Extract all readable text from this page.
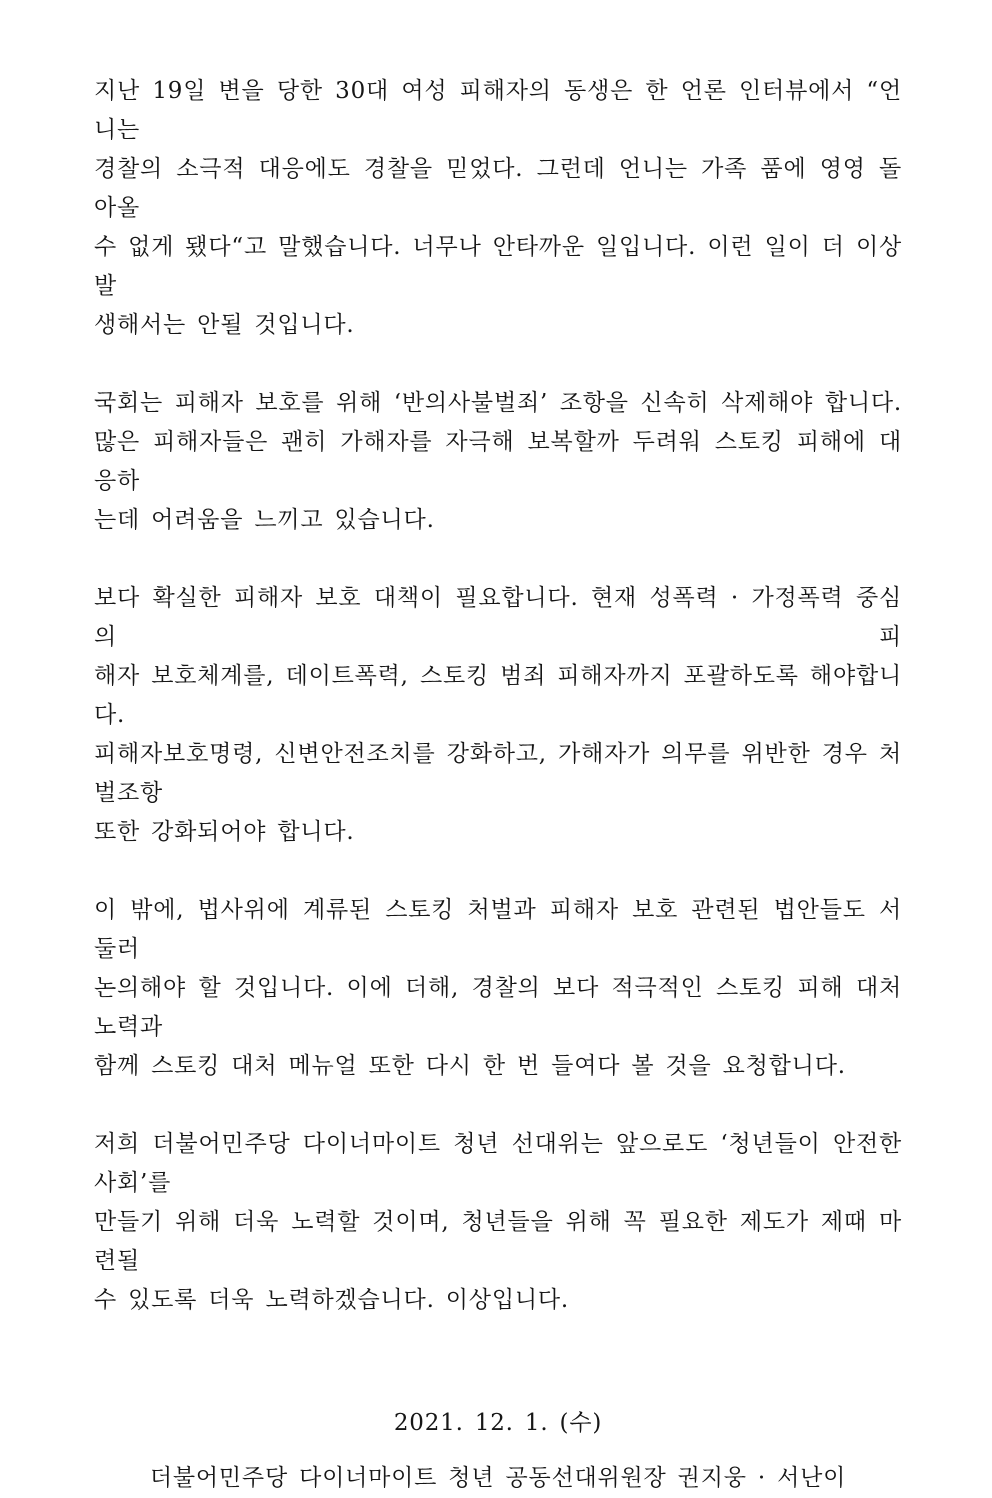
지난 19일 변을 당한 30대 여성 피해자의 동생은 한 언론 인터뷰에서 “언니는
경찰의 소극적 대응에도 경찰을 믿었다. 그런데 언니는 가족 품에 영영 돌아올
수 없게 됐다“고 말했습니다. 너무나 안타까운 일입니다. 이런 일이 더 이상 발
생해서는 안될 것입니다.
국회는 피해자 보호를 위해 ‘반의사불벌죄’ 조항을 신속히 삭제해야 합니다.
많은 피해자들은 괜히 가해자를 자극해 보복할까 두려워 스토킹 피해에 대응하
는데 어려움을 느끼고 있습니다.
보다 확실한 피해자 보호 대책이 필요합니다. 현재 성폭력 · 가정폭력 중심의 피
해자 보호체계를, 데이트폭력, 스토킹 범죄 피해자까지 포괄하도록 해야합니다.
피해자보호명령, 신변안전조치를 강화하고, 가해자가 의무를 위반한 경우 처벌조항
또한 강화되어야 합니다.
이 밖에, 법사위에 계류된 스토킹 처벌과 피해자 보호 관련된 법안들도 서둘러
논의해야 할 것입니다. 이에 더해, 경찰의 보다 적극적인 스토킹 피해 대처 노력과
함께 스토킹 대처 메뉴얼 또한 다시 한 번 들여다 볼 것을 요청합니다.
저희 더불어민주당 다이너마이트 청년 선대위는 앞으로도 ‘청년들이 안전한 사회’를
만들기 위해 더욱 노력할 것이며, 청년들을 위해 꼭 필요한 제도가 제때 마련될
수 있도록 더욱 노력하겠습니다. 이상입니다.
2021. 12. 1. (수)
더불어민주당 다이너마이트 청년 공동선대위원장 권지웅 · 서난이
